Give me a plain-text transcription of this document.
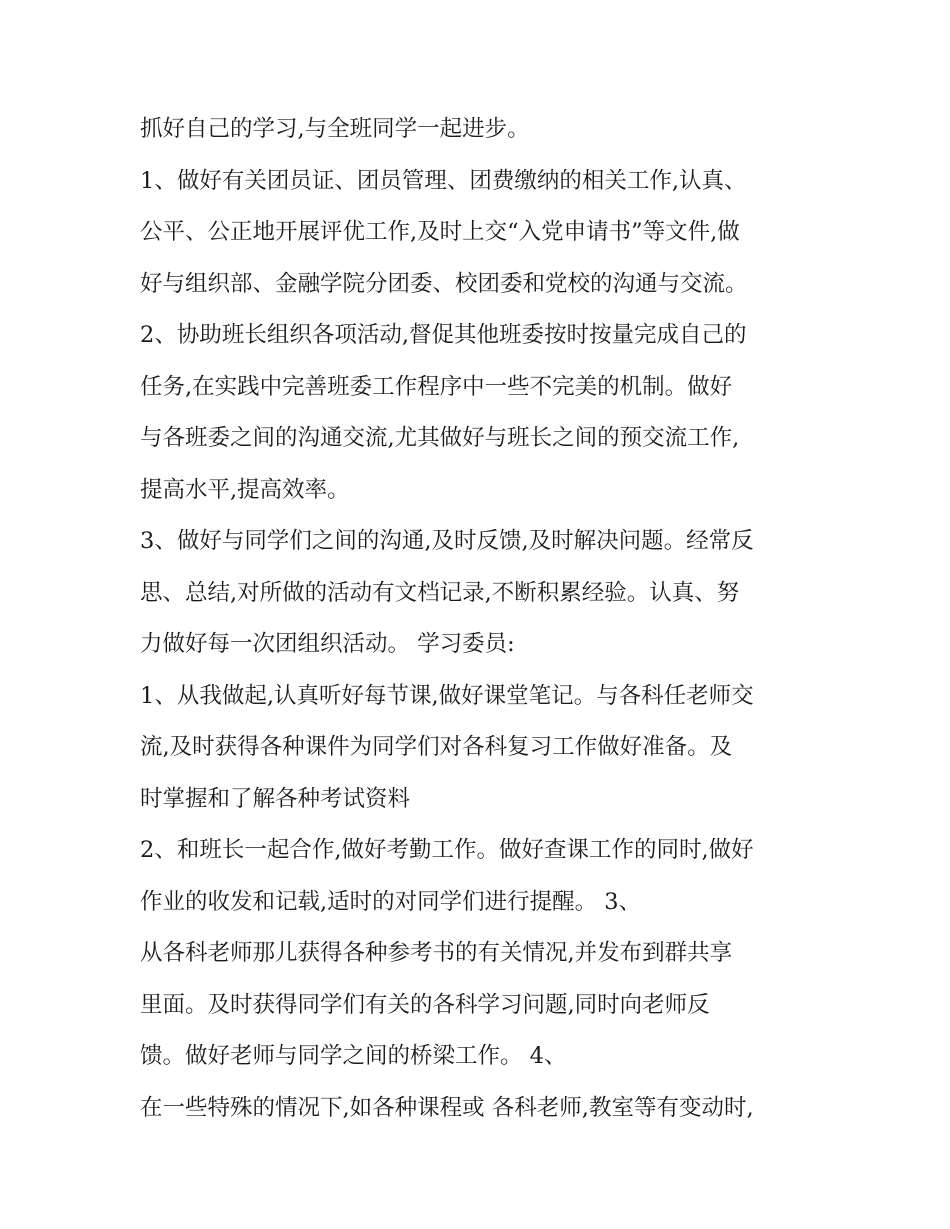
抓好自己的学习,与全班同学一起进步。
1、做好有关团员证、团员管理、团费缴纳的相关工作,认真、
公平、公正地开展评优工作,及时上交“入党申请书”等文件,做
好与组织部、金融学院分团委、校团委和党校的沟通与交流。
2、协助班长组织各项活动,督促其他班委按时按量完成自己的
任务,在实践中完善班委工作程序中一些不完美的机制。做好
与各班委之间的沟通交流,尤其做好与班长之间的预交流工作,
提高水平,提高效率。
3、做好与同学们之间的沟通,及时反馈,及时解决问题。经常反
思、总结,对所做的活动有文档记录,不断积累经验。认真、努
力做好每一次团组织活动。 学习委员:
1、从我做起,认真听好每节课,做好课堂笔记。与各科任老师交
流,及时获得各种课件为同学们对各科复习工作做好准备。及
时掌握和了解各种考试资料
2、和班长一起合作,做好考勤工作。做好查课工作的同时,做好
作业的收发和记载,适时的对同学们进行提醒。 3、
从各科老师那儿获得各种参考书的有关情况,并发布到群共享
里面。及时获得同学们有关的各科学习问题,同时向老师反
馈。做好老师与同学之间的桥梁工作。 4、
在一些特殊的情况下,如各种课程或 各科老师,教室等有变动时,
